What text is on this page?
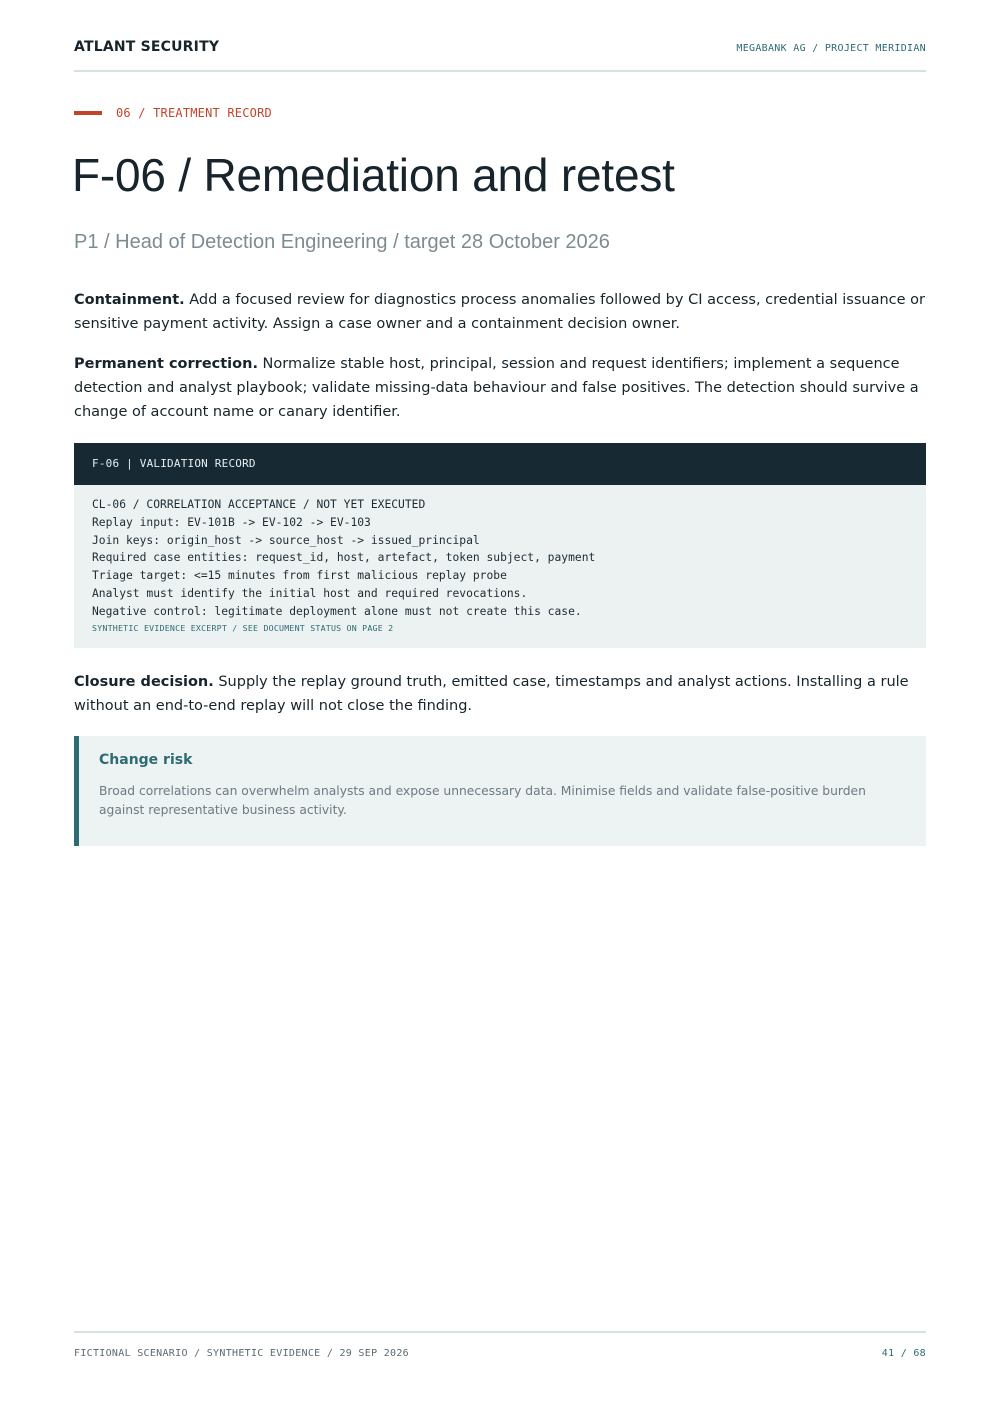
ATLANT SECURITY	MEGABANK AG / PROJECT MERIDIAN
06 / TREATMENT RECORD
F-06 / Remediation and retest
P1 / Head of Detection Engineering / target 28 October 2026

Containment. Add a focused review for diagnostics process anomalies followed by CI access, credential issuance or sensitive payment activity. Assign a case owner and a containment decision owner.

Permanent correction. Normalize stable host, principal, session and request identifiers; implement a sequence detection and analyst playbook; validate missing-data behaviour and false positives. The detection should survive a change of account name or canary identifier.

F-06 | VALIDATION RECORD
CL-06 / CORRELATION ACCEPTANCE / NOT YET EXECUTED
Replay input: EV-101B -> EV-102 -> EV-103
Join keys: origin_host -> source_host -> issued_principal
Required case entities: request_id, host, artefact, token subject, payment
Triage target: <=15 minutes from first malicious replay probe
Analyst must identify the initial host and required revocations.
Negative control: legitimate deployment alone must not create this case.
SYNTHETIC EVIDENCE EXCERPT / SEE DOCUMENT STATUS ON PAGE 2

Closure decision. Supply the replay ground truth, emitted case, timestamps and analyst actions. Installing a rule without an end-to-end replay will not close the finding.

Change risk
Broad correlations can overwhelm analysts and expose unnecessary data. Minimise fields and validate false-positive burden against representative business activity.
FICTIONAL SCENARIO / SYNTHETIC EVIDENCE / 29 SEP 2026	41 / 68
